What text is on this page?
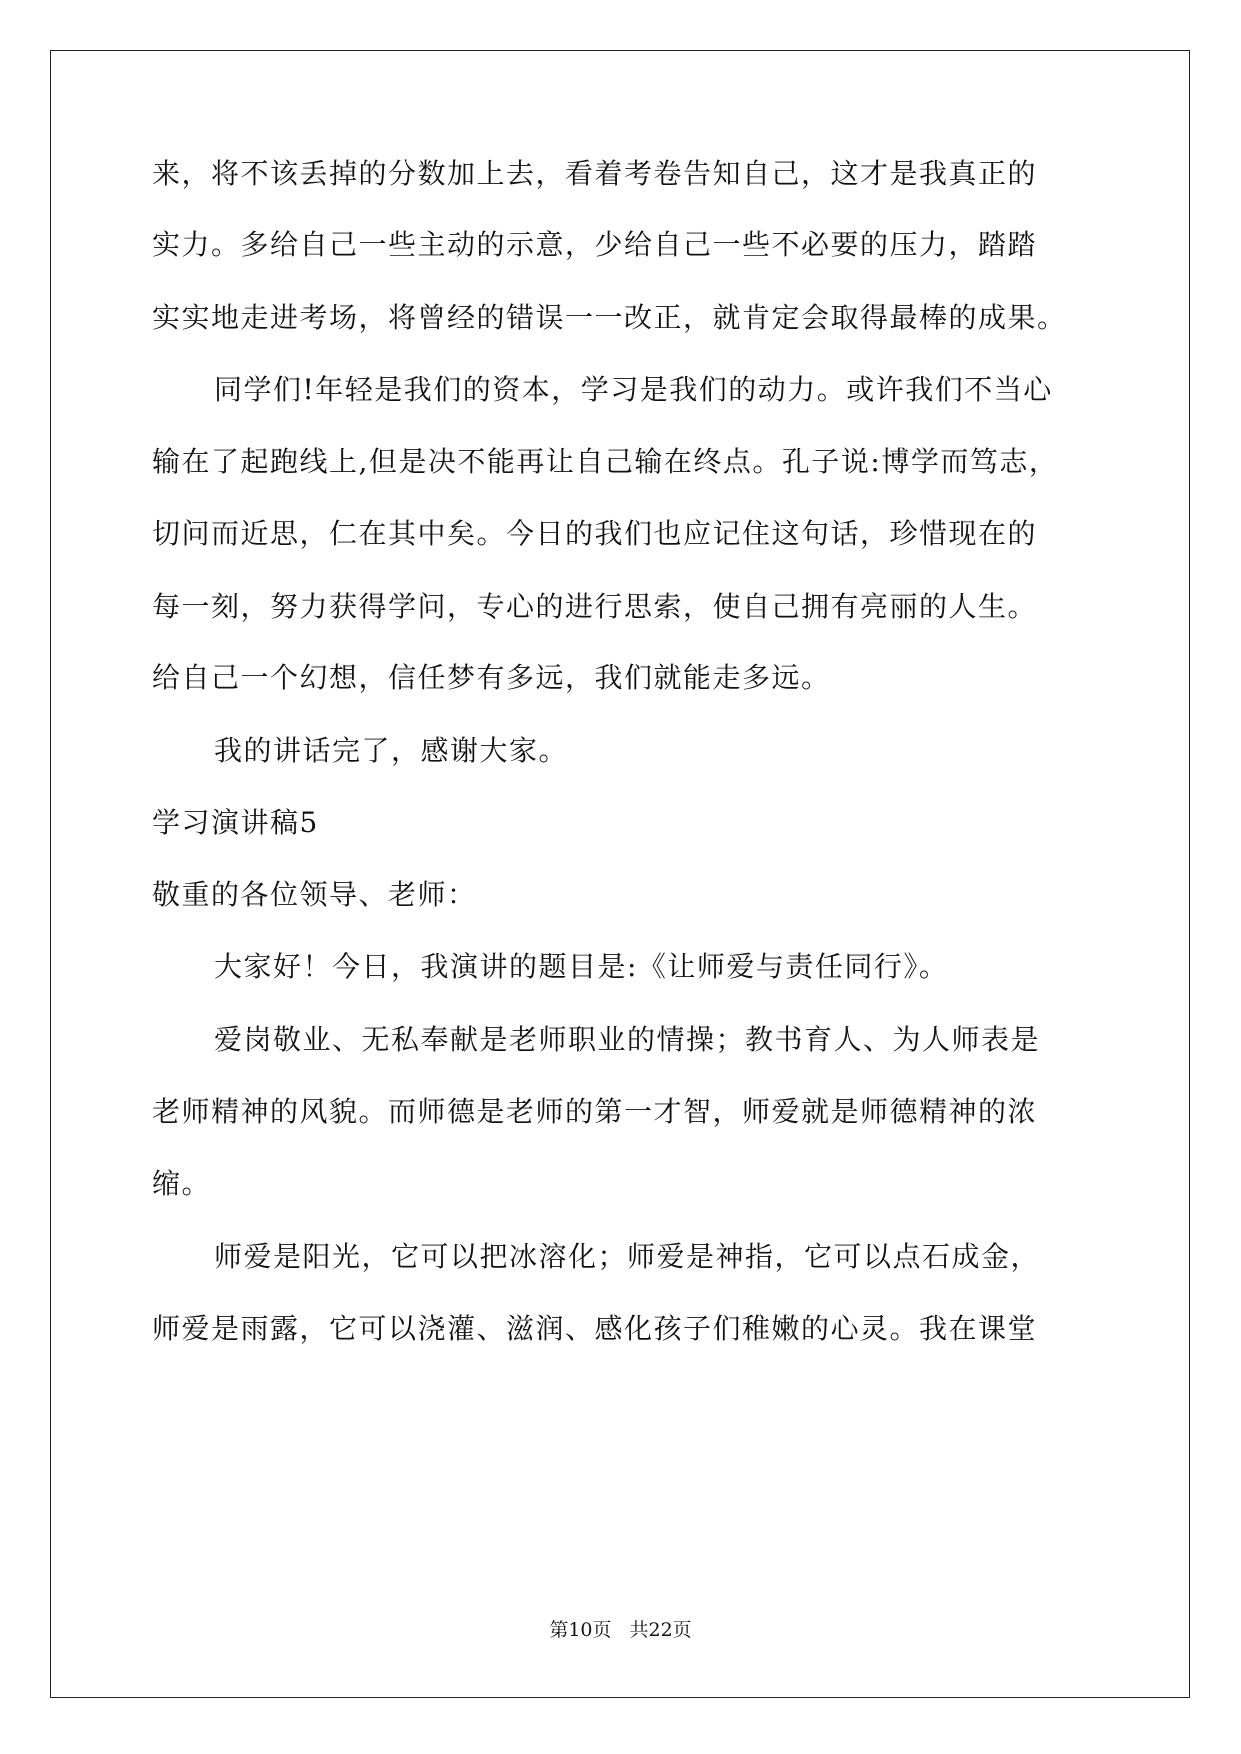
来，将不该丢掉的分数加上去，看着考卷告知自己，这才是我真正的
实力。多给自己一些主动的示意，少给自己一些不必要的压力，踏踏
实实地走进考场，将曾经的错误一一改正，就肯定会取得最棒的成果。
同学们!年轻是我们的资本，学习是我们的动力。或许我们不当心
输在了起跑线上,但是决不能再让自己输在终点。孔子说:博学而笃志，
切问而近思，仁在其中矣。今日的我们也应记住这句话，珍惜现在的
每一刻，努力获得学问，专心的进行思索，使自己拥有亮丽的人生。
给自己一个幻想，信任梦有多远，我们就能走多远。
我的讲话完了，感谢大家。
学习演讲稿5
敬重的各位领导、老师：
大家好！今日，我演讲的题目是:《让师爱与责任同行》。
爱岗敬业、无私奉献是老师职业的情操；教书育人、为人师表是
老师精神的风貌。而师德是老师的第一才智，师爱就是师德精神的浓
缩。
师爱是阳光，它可以把冰溶化；师爱是神指，它可以点石成金，
师爱是雨露，它可以浇灌、滋润、感化孩子们稚嫩的心灵。我在课堂
第10页 共22页
